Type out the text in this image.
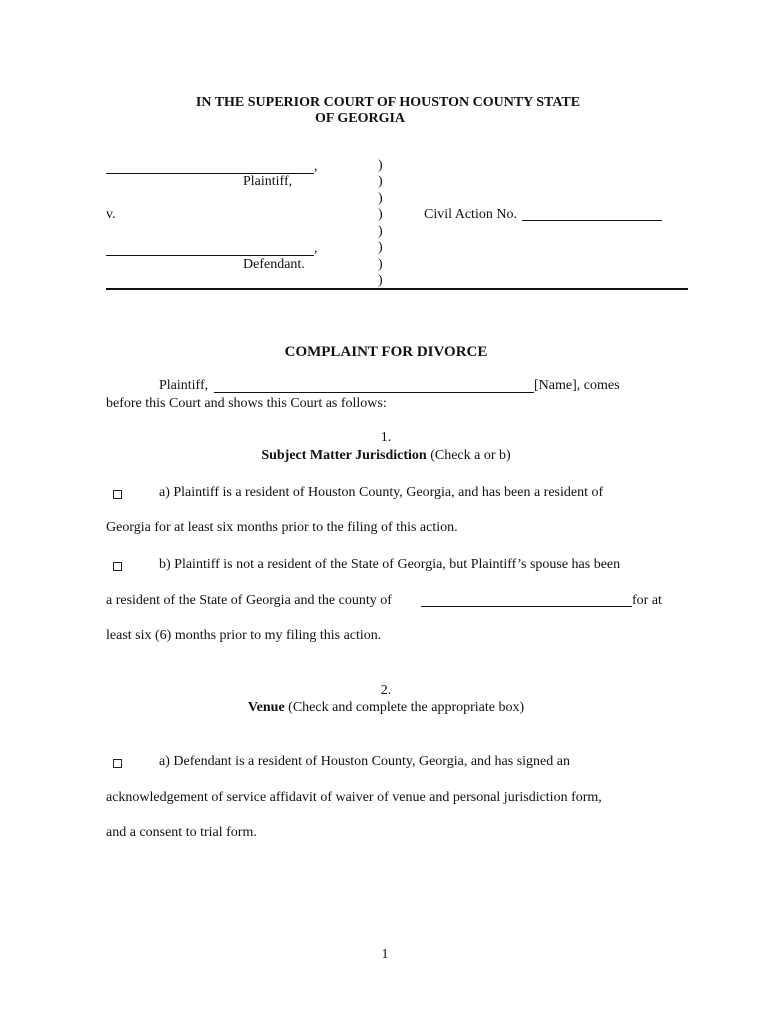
IN THE SUPERIOR COURT OF HOUSTON COUNTY STATE
OF GEORGIA
,
Plaintiff,
v.
,
Defendant.
)
)
)
)
)
)
)
)
Civil Action No.
COMPLAINT FOR DIVORCE
Plaintiff,	[Name], comes
before this Court and shows this Court as follows:
1.
Subject Matter Jurisdiction (Check a or b)
a) Plaintiff is a resident of Houston County, Georgia, and has been a resident of
Georgia for at least six months prior to the filing of this action.
b) Plaintiff is not a resident of the State of Georgia, but Plaintiff’s spouse has been
a resident of the State of Georgia and the county of	for at
least six (6) months prior to my filing this action.
2.
Venue (Check and complete the appropriate box)
a) Defendant is a resident of Houston County, Georgia, and has signed an
acknowledgement of service affidavit of waiver of venue and personal jurisdiction form,
and a consent to trial form.
1
